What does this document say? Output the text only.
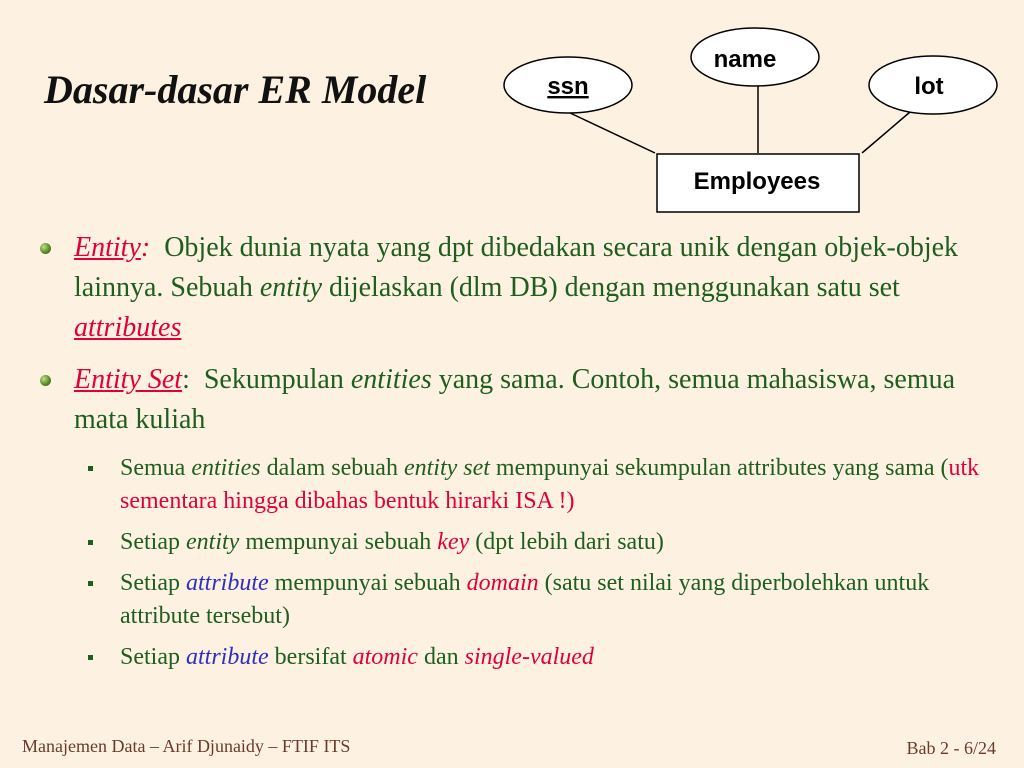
Dasar-dasar ER Model	ssn
name
lot
Employees
Entity: Objek dunia nyata yang dpt dibedakan secara unik dengan objek-objek lainnya. Sebuah entity dijelaskan (dlm DB) dengan menggunakan satu set attributes
Entity Set: Sekumpulan entities yang sama. Contoh, semua mahasiswa, semua mata kuliah
Semua entities dalam sebuah entity set mempunyai sekumpulan attributes yang sama (utk sementara hingga dibahas bentuk hirarki ISA !)
Setiap entity mempunyai sebuah key (dpt lebih dari satu)
Setiap attribute mempunyai sebuah domain (satu set nilai yang diperbolehkan untuk attribute tersebut)
Setiap attribute bersifat atomic dan single-valued
Manajemen Data – Arif Djunaidy – FTIF ITS	Bab 2 - 6/24
